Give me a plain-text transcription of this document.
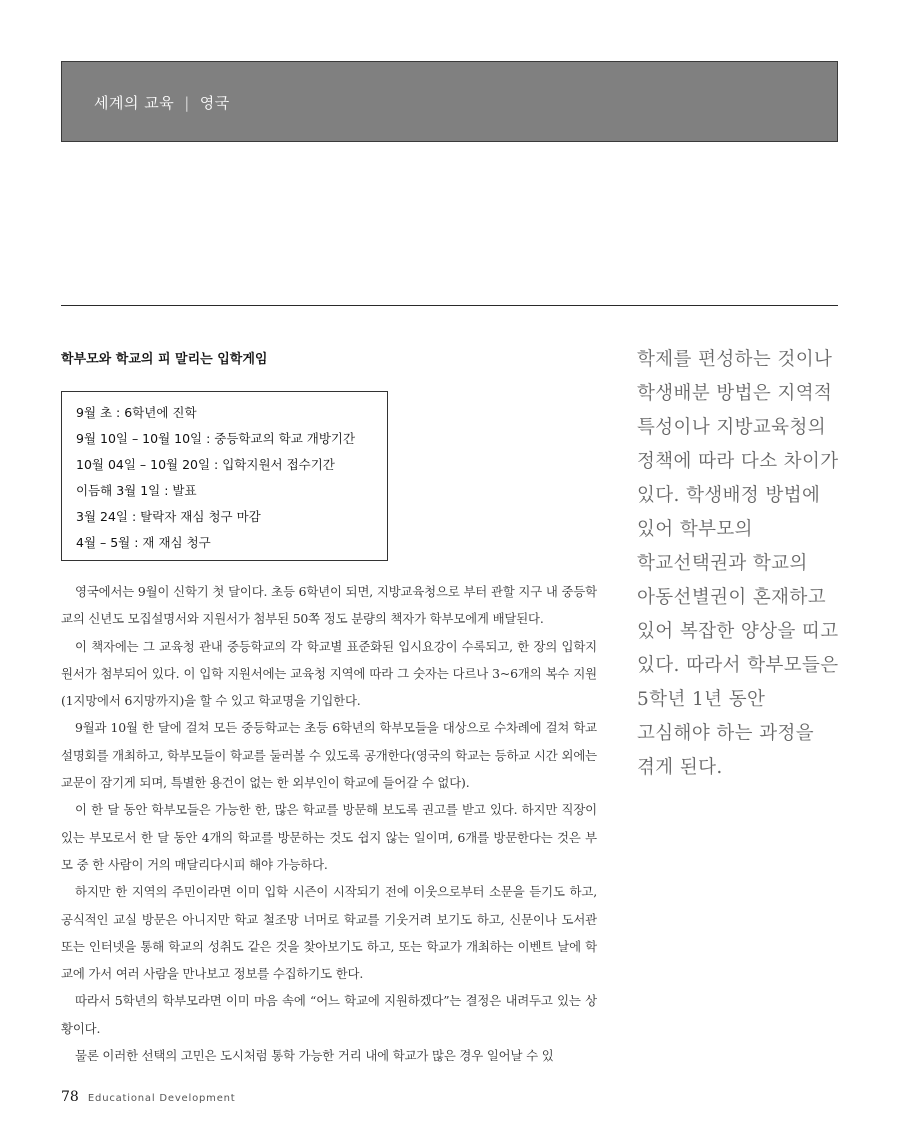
세계의 교육 | 영국
학부모와 학교의 피 말리는 입학게임
9월 초 : 6학년에 진학
9월 10일 – 10월 10일 : 중등학교의 학교 개방기간
10월 04일 – 10월 20일 : 입학지원서 접수기간
이듬해 3월 1일 : 발표
3월 24일 : 탈락자 재심 청구 마감
4월 – 5월 : 재 재심 청구

영국에서는 9월이 신학기 첫 달이다. 초등 6학년이 되면, 지방교육청으로 부터 관할 지구 내 중등학교의 신년도 모집설명서와 지원서가 첨부된 50쪽 정도 분량의 책자가 학부모에게 배달된다.

이 책자에는 그 교육청 관내 중등학교의 각 학교별 표준화된 입시요강이 수록되고, 한 장의 입학지원서가 첨부되어 있다. 이 입학 지원서에는 교육청 지역에 따라 그 숫자는 다르나 3~6개의 복수 지원(1지망에서 6지망까지)을 할 수 있고 학교명을 기입한다.

9월과 10월 한 달에 걸쳐 모든 중등학교는 초등 6학년의 학부모들을 대상으로 수차례에 걸쳐 학교설명회를 개최하고, 학부모들이 학교를 둘러볼 수 있도록 공개한다(영국의 학교는 등하교 시간 외에는 교문이 잠기게 되며, 특별한 용건이 없는 한 외부인이 학교에 들어갈 수 없다).

이 한 달 동안 학부모들은 가능한 한, 많은 학교를 방문해 보도록 권고를 받고 있다. 하지만 직장이 있는 부모로서 한 달 동안 4개의 학교를 방문하는 것도 쉽지 않는 일이며, 6개를 방문한다는 것은 부모 중 한 사람이 거의 매달리다시피 해야 가능하다.

하지만 한 지역의 주민이라면 이미 입학 시즌이 시작되기 전에 이웃으로부터 소문을 듣기도 하고, 공식적인 교실 방문은 아니지만 학교 철조망 너머로 학교를 기웃거려 보기도 하고, 신문이나 도서관 또는 인터넷을 통해 학교의 성취도 같은 것을 찾아보기도 하고, 또는 학교가 개최하는 이벤트 날에 학교에 가서 여러 사람을 만나보고 정보를 수집하기도 한다.

따라서 5학년의 학부모라면 이미 마음 속에 “어느 학교에 지원하겠다”는 결정은 내려두고 있는 상황이다.

물론 이러한 선택의 고민은 도시처럼 통학 가능한 거리 내에 학교가 많은 경우 일어날 수 있

학제를 편성하는 것이나 학생배분 방법은 지역적 특성이나 지방교육청의 정책에 따라 다소 차이가 있다. 학생배정 방법에 있어 학부모의 학교선택권과 학교의 아동선별권이 혼재하고 있어 복잡한 양상을 띠고 있다. 따라서 학부모들은 5학년 1년 동안 고심해야 하는 과정을 겪게 된다.
78 Educational Development
